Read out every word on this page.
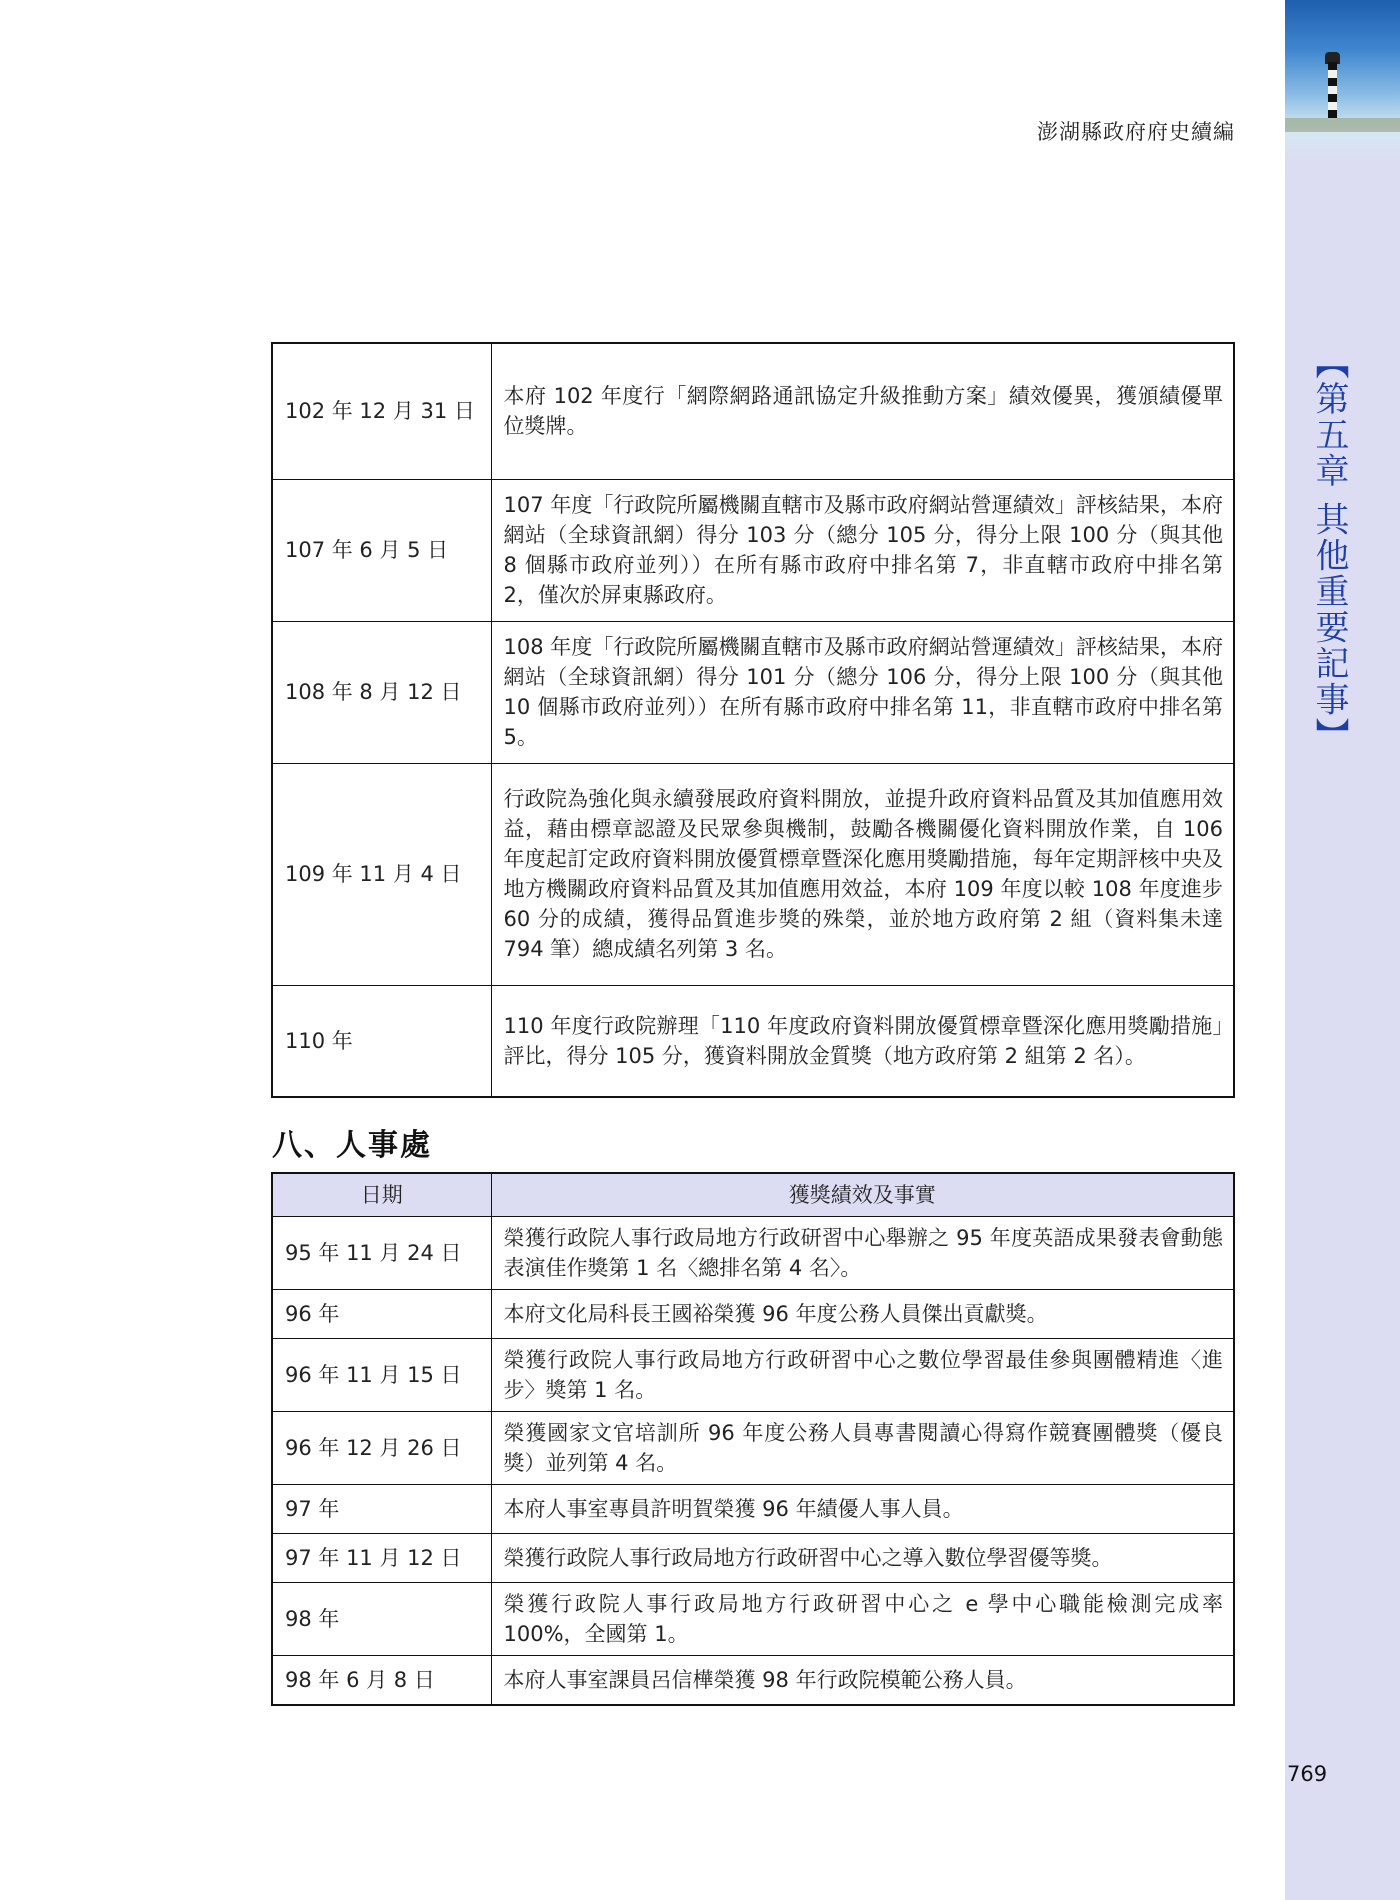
【第五章 其他重要記事】
澎湖縣政府府史續編
102 年 12 月 31 日	本府 102 年度行「網際網路通訊協定升級推動方案」績效優異，獲頒績優單位獎牌。
107 年 6 月 5 日	107 年度「行政院所屬機關直轄市及縣市政府網站營運績效」評核結果，本府網站（全球資訊網）得分 103 分（總分 105 分，得分上限 100 分（與其他 8 個縣市政府並列））在所有縣市政府中排名第 7，非直轄市政府中排名第 2，僅次於屏東縣政府。
108 年 8 月 12 日	108 年度「行政院所屬機關直轄市及縣市政府網站營運績效」評核結果，本府網站（全球資訊網）得分 101 分（總分 106 分，得分上限 100 分（與其他 10 個縣市政府並列））在所有縣市政府中排名第 11，非直轄市政府中排名第 5。
109 年 11 月 4 日	行政院為強化與永續發展政府資料開放，並提升政府資料品質及其加值應用效益，藉由標章認證及民眾參與機制，鼓勵各機關優化資料開放作業，自 106 年度起訂定政府資料開放優質標章暨深化應用獎勵措施，每年定期評核中央及地方機關政府資料品質及其加值應用效益，本府 109 年度以較 108 年度進步 60 分的成績，獲得品質進步獎的殊榮，並於地方政府第 2 組（資料集未達 794 筆）總成績名列第 3 名。
110 年	110 年度行政院辦理「110 年度政府資料開放優質標章暨深化應用獎勵措施」評比，得分 105 分，獲資料開放金質獎（地方政府第 2 組第 2 名）。
八、人事處
日期	獲獎績效及事實
95 年 11 月 24 日	榮獲行政院人事行政局地方行政研習中心舉辦之 95 年度英語成果發表會動態表演佳作獎第 1 名〈總排名第 4 名〉。
96 年	本府文化局科長王國裕榮獲 96 年度公務人員傑出貢獻獎。
96 年 11 月 15 日	榮獲行政院人事行政局地方行政研習中心之數位學習最佳參與團體精進〈進步〉獎第 1 名。
96 年 12 月 26 日	榮獲國家文官培訓所 96 年度公務人員專書閱讀心得寫作競賽團體獎（優良獎）並列第 4 名。
97 年	本府人事室專員許明賀榮獲 96 年績優人事人員。
97 年 11 月 12 日	榮獲行政院人事行政局地方行政研習中心之導入數位學習優等獎。
98 年	榮獲行政院人事行政局地方行政研習中心之 e 學中心職能檢測完成率 100%，全國第 1。
98 年 6 月 8 日	本府人事室課員呂信樺榮獲 98 年行政院模範公務人員。
769
